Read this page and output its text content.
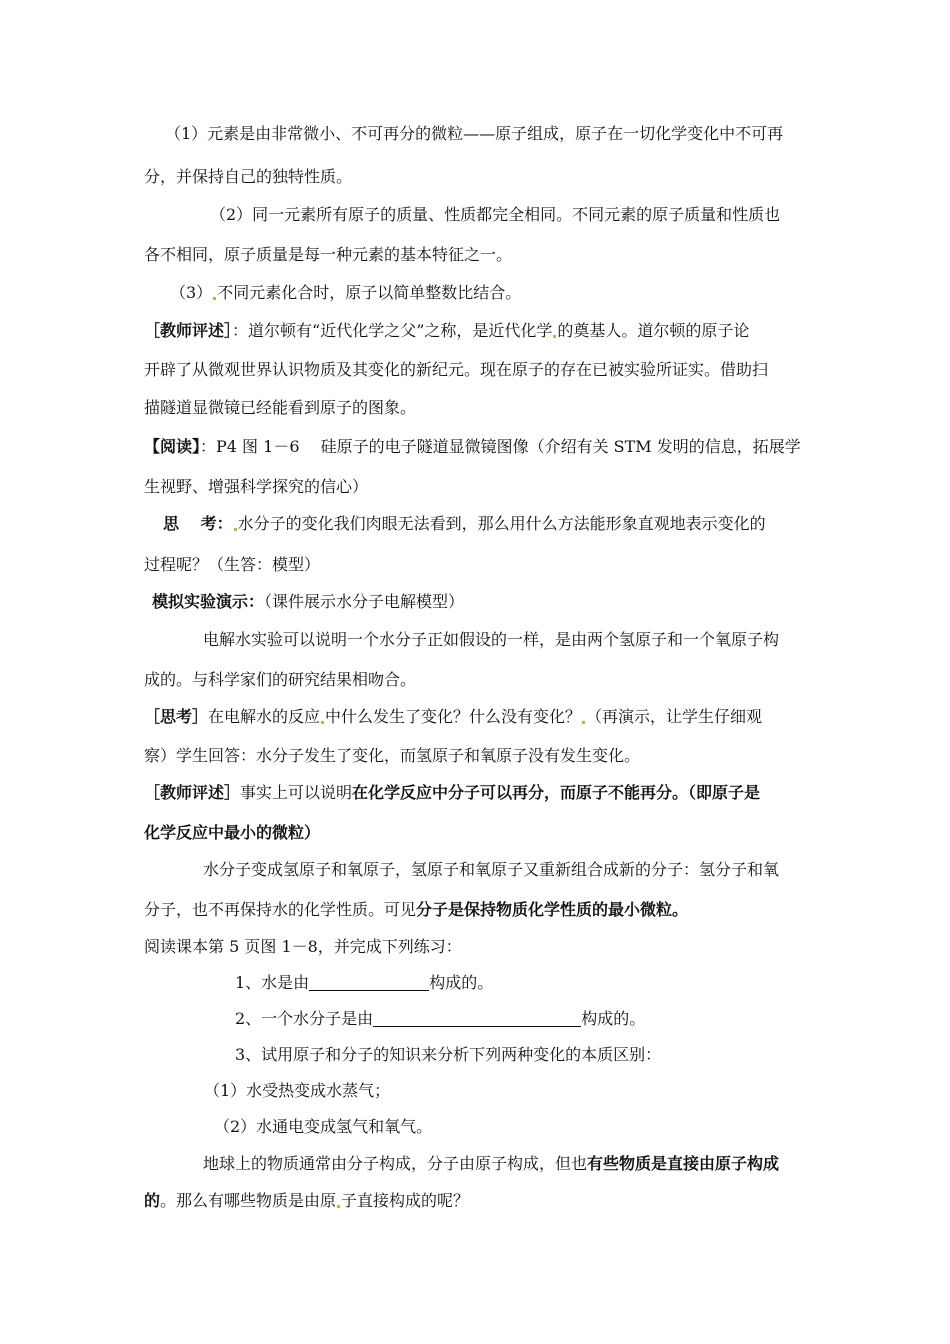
（1）元素是由非常微小、不可再分的微粒——原子组成，原子在一切化学变化中不可再
分，并保持自己的独特性质。
（2）同一元素所有原子的质量、性质都完全相同。不同元素的原子质量和性质也
各不相同，原子质量是每一种元素的基本特征之一。
（3） 不同元素化合时，原子以简单整数比结合。
［教师评述］：道尔顿有“近代化学之父”之称，是近代化学 的奠基人。道尔顿的原子论
开辟了从微观世界认识物质及其变化的新纪元。现在原子的存在已被实验所证实。借助扫
描隧道显微镜已经能看到原子的图象。
【阅读】：P4 图 1－6　 硅原子的电子隧道显微镜图像（介绍有关 STM 发明的信息，拓展学
生视野、增强科学探究的信心）
思　 考： 水分子的变化我们肉眼无法看到，那么用什么方法能形象直观地表示变化的
过程呢？（生答：模型）
模拟实验演示：（课件展示水分子电解模型）
电解水实验可以说明一个水分子正如假设的一样，是由两个氢原子和一个氧原子构
成的。与科学家们的研究结果相吻合。
［思考］在电解水的反应 中什么发生了变化？什么没有变化？ （再演示，让学生仔细观
察）学生回答：水分子发生了变化，而氢原子和氧原子没有发生变化。
［教师评述］事实上可以说明在化学反应中分子可以再分，而原子不能再分。（即原子是
化学反应中最小的微粒）
水分子变成氢原子和氧原子，氢原子和氧原子又重新组合成新的分子：氢分子和氧
分子，也不再保持水的化学性质。可见分子是保持物质化学性质的最小微粒。
阅读课本第 5 页图 1－8，并完成下列练习：
1、水是由	构成的。
2、一个水分子是由	构成的。
3、试用原子和分子的知识来分析下列两种变化的本质区别：
（1）水受热变成水蒸气；
（2）水通电变成氢气和氧气。
地球上的物质通常由分子构成，分子由原子构成，但也有些物质是直接由原子构成
的。那么有哪些物质是由原 子直接构成的呢？
